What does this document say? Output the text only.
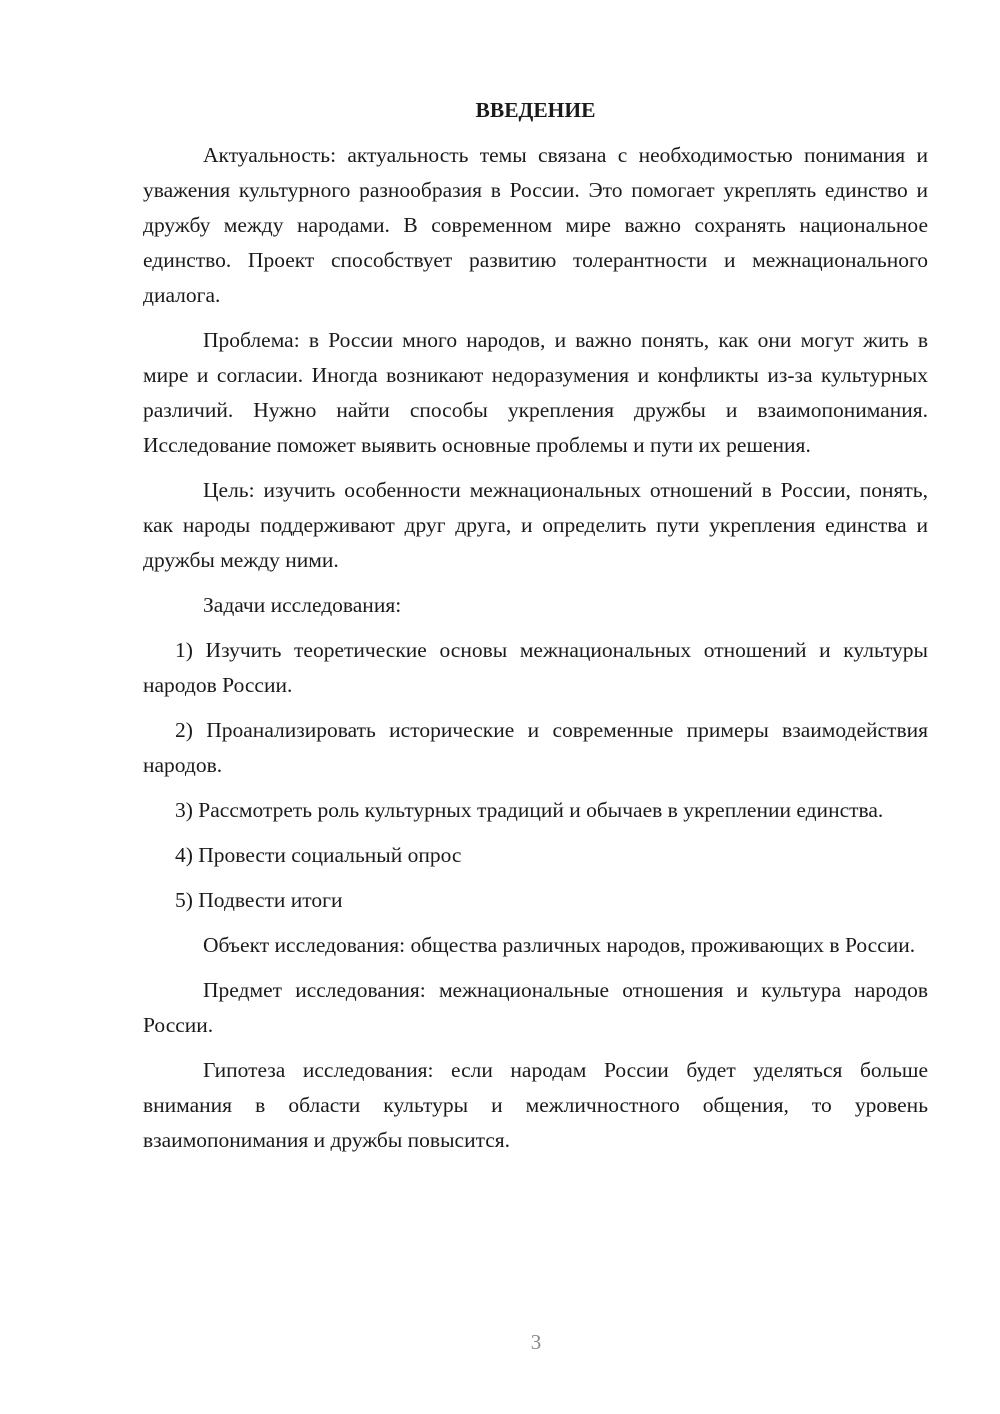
ВВЕДЕНИЕ

Актуальность: актуальность темы связана с необходимостью понимания и уважения культурного разнообразия в России. Это помогает укреплять единство и дружбу между народами. В современном мире важно сохранять национальное единство. Проект способствует развитию толерантности и межнационального диалога.

Проблема: в России много народов, и важно понять, как они могут жить в мире и согласии. Иногда возникают недоразумения и конфликты из-за культурных различий. Нужно найти способы укрепления дружбы и взаимопонимания. Исследование поможет выявить основные проблемы и пути их решения.

Цель: изучить особенности межнациональных отношений в России, понять, как народы поддерживают друг друга, и определить пути укрепления единства и дружбы между ними.

Задачи исследования:

1) Изучить теоретические основы межнациональных отношений и культуры народов России.

2) Проанализировать исторические и современные примеры взаимодействия народов.

3) Рассмотреть роль культурных традиций и обычаев в укреплении единства.

4) Провести социальный опрос

5) Подвести итоги

Объект исследования: общества различных народов, проживающих в России.

Предмет исследования: межнациональные отношения и культура народов России.

Гипотеза исследования: если народам России будет уделяться больше внимания в области культуры и межличностного общения, то уровень взаимопонимания и дружбы повысится.

3
